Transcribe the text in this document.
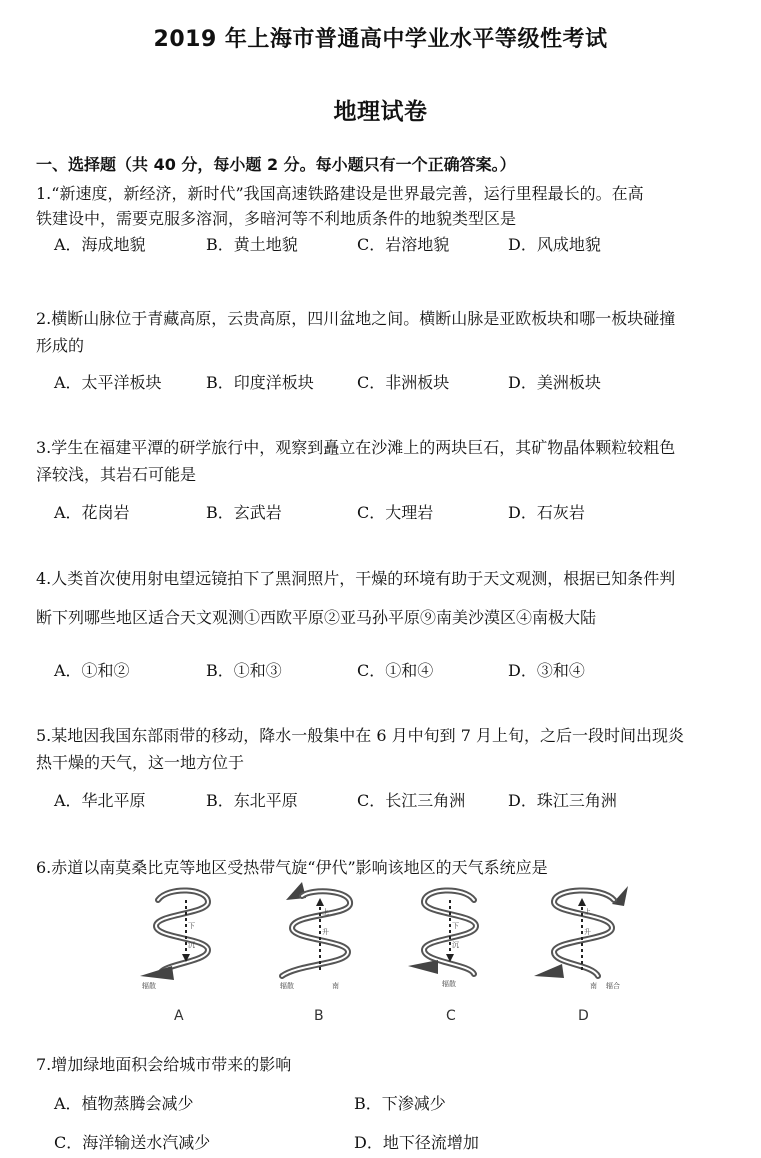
2019 年上海市普通高中学业水平等级性考试
地理试卷
一、选择题（共 40 分，每小题 2 分。每小题只有一个正确答案。）
1.“新速度，新经济，新时代”我国高速铁路建设是世界最完善，运行里程最长的。在高
铁建设中，需要克服多溶洞，多暗河等不利地质条件的地貌类型区是
A．海成地貌	B．黄土地貌	C．岩溶地貌	D．风成地貌
2.横断山脉位于青藏高原，云贵高原，四川盆地之间。横断山脉是亚欧板块和哪一板块碰撞
形成的
A．太平洋板块	B．印度洋板块	C．非洲板块	D．美洲板块
3.学生在福建平潭的研学旅行中，观察到矗立在沙滩上的两块巨石，其矿物晶体颗粒较粗色
泽较浅，其岩石可能是
A．花岗岩	B．玄武岩	C．大理岩	D．石灰岩
4.人类首次使用射电望远镜拍下了黑洞照片，干燥的环境有助于天文观测，根据已知条件判
断下列哪些地区适合天文观测①西欧平原②亚马孙平原⑨南美沙漠区④南极大陆
A．①和②	B．①和③	C．①和④	D．③和④
5.某地因我国东部雨带的移动，降水一般集中在 6 月中旬到 7 月上旬，之后一段时间出现炎
热干燥的天气，这一地方位于
A．华北平原	B．东北平原	C．长江三角洲	D．珠江三角洲
6.赤道以南莫桑比克等地区受热带气旋“伊代”影响该地区的天气系统应是
下
沉
辐散
上
升
辐散	南
下
沉
辐散
上
升
南 辐合
A	B	C	D
7.增加绿地面积会给城市带来的影响
A．植物蒸腾会减少	B．下渗减少
C．海洋输送水汽减少	D．地下径流增加
